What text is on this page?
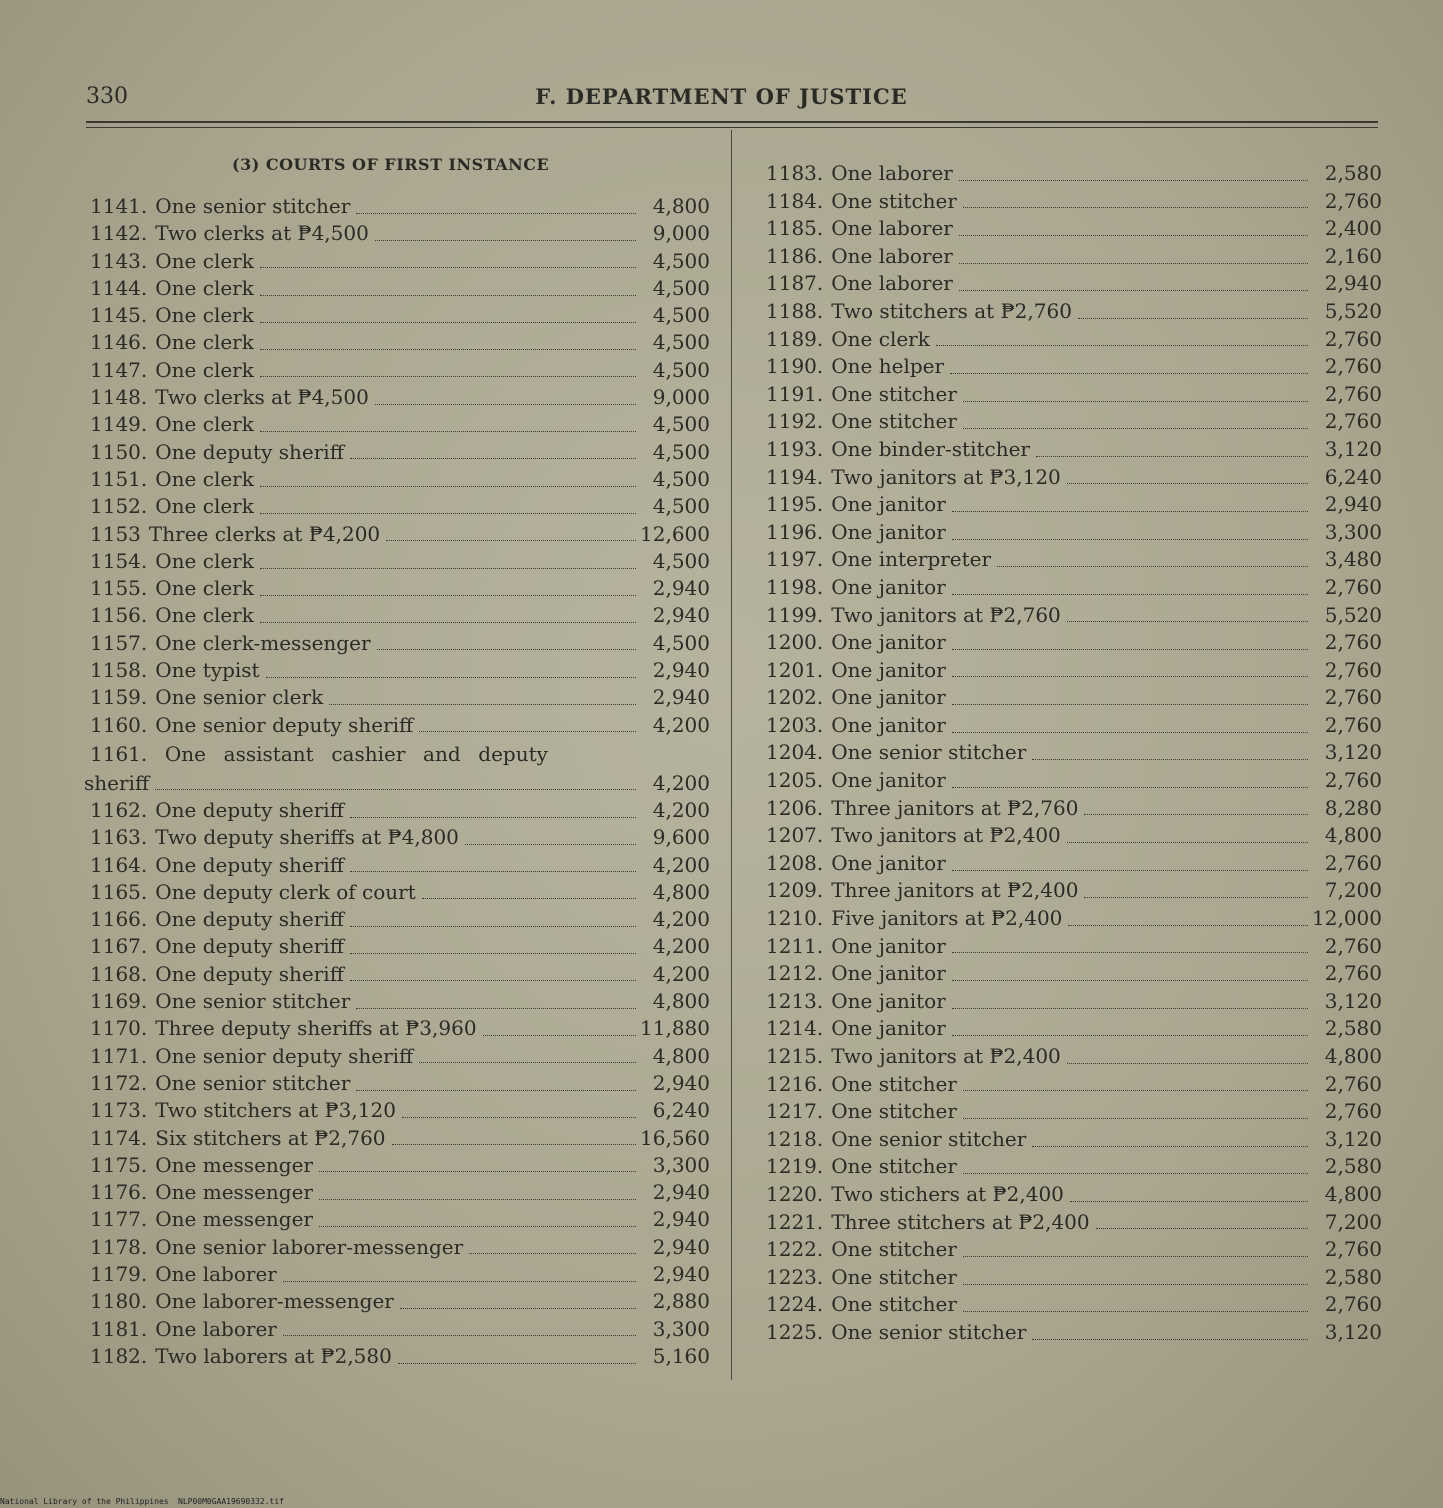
330	F. DEPARTMENT OF JUSTICE
(3) COURTS OF FIRST INSTANCE
1141. One senior stitcher	4,800
1142. Two clerks at ₱4,500	9,000
1143. One clerk	4,500
1144. One clerk	4,500
1145. One clerk	4,500
1146. One clerk	4,500
1147. One clerk	4,500
1148. Two clerks at ₱4,500	9,000
1149. One clerk	4,500
1150. One deputy sheriff	4,500
1151. One clerk	4,500
1152. One clerk	4,500
1153 Three clerks at ₱4,200	12,600
1154. One clerk	4,500
1155. One clerk	2,940
1156. One clerk	2,940
1157. One clerk-messenger	4,500
1158. One typist	2,940
1159. One senior clerk	2,940
1160. One senior deputy sheriff	4,200
1161. One assistant cashier and deputy
sheriff	4,200
1162. One deputy sheriff	4,200
1163. Two deputy sheriffs at ₱4,800	9,600
1164. One deputy sheriff	4,200
1165. One deputy clerk of court	4,800
1166. One deputy sheriff	4,200
1167. One deputy sheriff	4,200
1168. One deputy sheriff	4,200
1169. One senior stitcher	4,800
1170. Three deputy sheriffs at ₱3,960	11,880
1171. One senior deputy sheriff	4,800
1172. One senior stitcher	2,940
1173. Two stitchers at ₱3,120	6,240
1174. Six stitchers at ₱2,760	16,560
1175. One messenger	3,300
1176. One messenger	2,940
1177. One messenger	2,940
1178. One senior laborer-messenger	2,940
1179. One laborer	2,940
1180. One laborer-messenger	2,880
1181. One laborer	3,300
1182. Two laborers at ₱2,580	5,160
1183. One laborer	2,580
1184. One stitcher	2,760
1185. One laborer	2,400
1186. One laborer	2,160
1187. One laborer	2,940
1188. Two stitchers at ₱2,760	5,520
1189. One clerk	2,760
1190. One helper	2,760
1191. One stitcher	2,760
1192. One stitcher	2,760
1193. One binder-stitcher	3,120
1194. Two janitors at ₱3,120	6,240
1195. One janitor	2,940
1196. One janitor	3,300
1197. One interpreter	3,480
1198. One janitor	2,760
1199. Two janitors at ₱2,760	5,520
1200. One janitor	2,760
1201. One janitor	2,760
1202. One janitor	2,760
1203. One janitor	2,760
1204. One senior stitcher	3,120
1205. One janitor	2,760
1206. Three janitors at ₱2,760	8,280
1207. Two janitors at ₱2,400	4,800
1208. One janitor	2,760
1209. Three janitors at ₱2,400	7,200
1210. Five janitors at ₱2,400	12,000
1211. One janitor	2,760
1212. One janitor	2,760
1213. One janitor	3,120
1214. One janitor	2,580
1215. Two janitors at ₱2,400	4,800
1216. One stitcher	2,760
1217. One stitcher	2,760
1218. One senior stitcher	3,120
1219. One stitcher	2,580
1220. Two stichers at ₱2,400	4,800
1221. Three stitchers at ₱2,400	7,200
1222. One stitcher	2,760
1223. One stitcher	2,580
1224. One stitcher	2,760
1225. One senior stitcher	3,120
National Library of the Philippines NLP00M0GAA19690332.tif
